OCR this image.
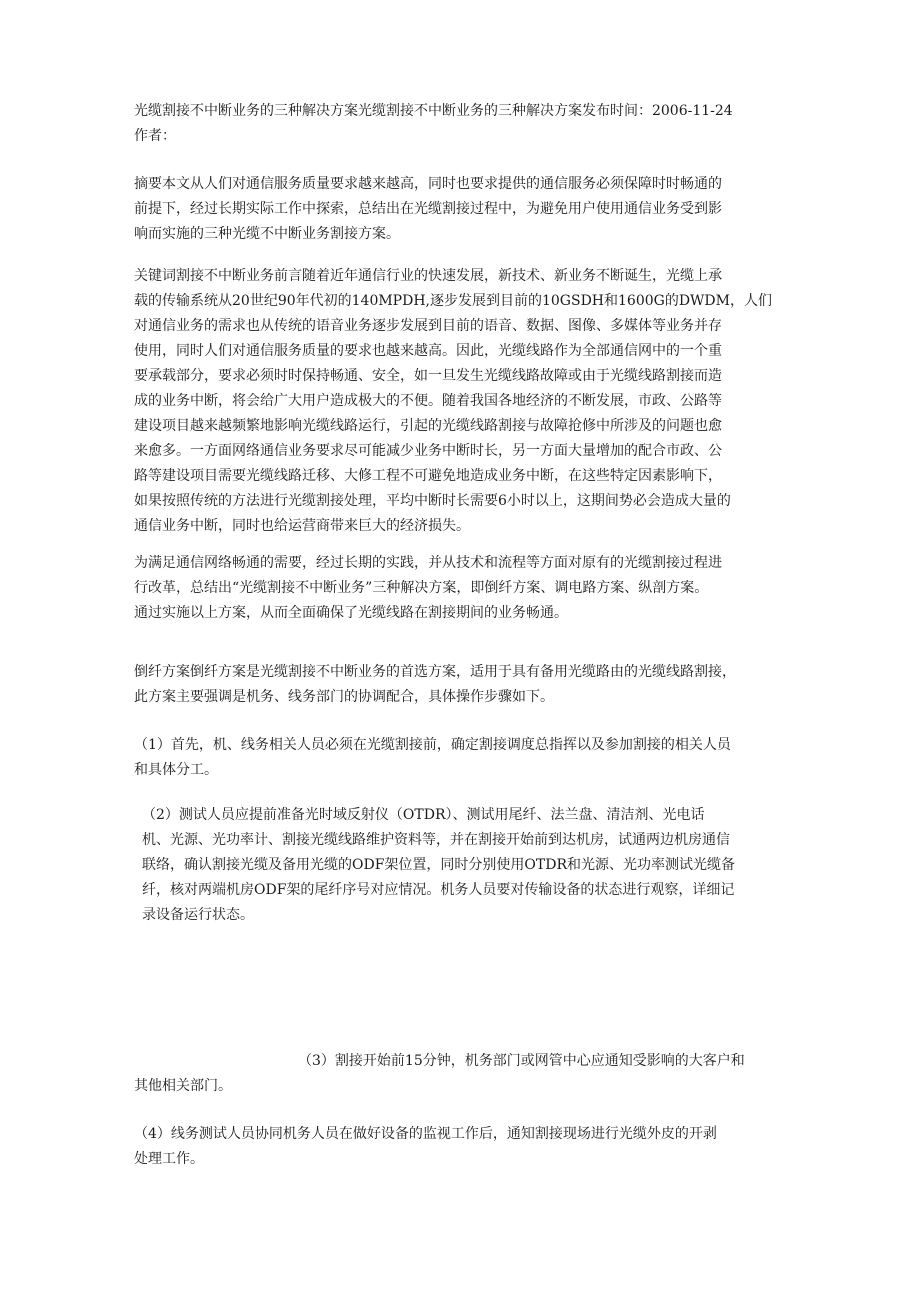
光缆割接不中断业务的三种解决方案光缆割接不中断业务的三种解决方案发布时间：2006-11-24
作者：
摘要本文从人们对通信服务质量要求越来越高，同时也要求提供的通信服务必须保障时时畅通的
前提下，经过长期实际工作中探索，总结出在光缆割接过程中，为避免用户使用通信业务受到影
响而实施的三种光缆不中断业务割接方案。
关键词割接不中断业务前言随着近年通信行业的快速发展，新技术、新业务不断诞生，光缆上承
载的传输系统从20世纪90年代初的140MPDH,逐步发展到目前的10GSDH和1600G的DWDM，人们
对通信业务的需求也从传统的语音业务逐步发展到目前的语音、数据、图像、多媒体等业务并存
使用，同时人们对通信服务质量的要求也越来越高。因此，光缆线路作为全部通信网中的一个重
要承载部分，要求必须时时保持畅通、安全，如一旦发生光缆线路故障或由于光缆线路割接而造
成的业务中断，将会给广大用户造成极大的不便。随着我国各地经济的不断发展，市政、公路等
建设项目越来越频繁地影响光缆线路运行，引起的光缆线路割接与故障抢修中所涉及的问题也愈
来愈多。一方面网络通信业务要求尽可能减少业务中断时长，另一方面大量增加的配合市政、公
路等建设项目需要光缆线路迁移、大修工程不可避免地造成业务中断，在这些特定因素影响下，
如果按照传统的方法进行光缆割接处理，平均中断时长需要6小时以上，这期间势必会造成大量的
通信业务中断，同时也给运营商带来巨大的经济损失。
为满足通信网络畅通的需要，经过长期的实践，并从技术和流程等方面对原有的光缆割接过程进
行改革，总结出“光缆割接不中断业务”三种解决方案，即倒纤方案、调电路方案、纵剖方案。
通过实施以上方案，从而全面确保了光缆线路在割接期间的业务畅通。
倒纤方案倒纤方案是光缆割接不中断业务的首选方案，适用于具有备用光缆路由的光缆线路割接，
此方案主要强调是机务、线务部门的协调配合，具体操作步骤如下。
（1）首先，机、线务相关人员必须在光缆割接前，确定割接调度总指挥以及参加割接的相关人员
和具体分工。
（2）测试人员应提前准备光时域反射仪（OTDR）、测试用尾纤、法兰盘、清洁剂、光电话
机、光源、光功率计、割接光缆线路维护资料等，并在割接开始前到达机房，试通两边机房通信
联络，确认割接光缆及备用光缆的ODF架位置，同时分别使用OTDR和光源、光功率测试光缆备
纤，核对两端机房ODF架的尾纤序号对应情况。机务人员要对传输设备的状态进行观察，详细记
录设备运行状态。
（3）割接开始前15分钟，机务部门或网管中心应通知受影响的大客户和
其他相关部门。
（4）线务测试人员协同机务人员在做好设备的监视工作后，通知割接现场进行光缆外皮的开剥
处理工作。
